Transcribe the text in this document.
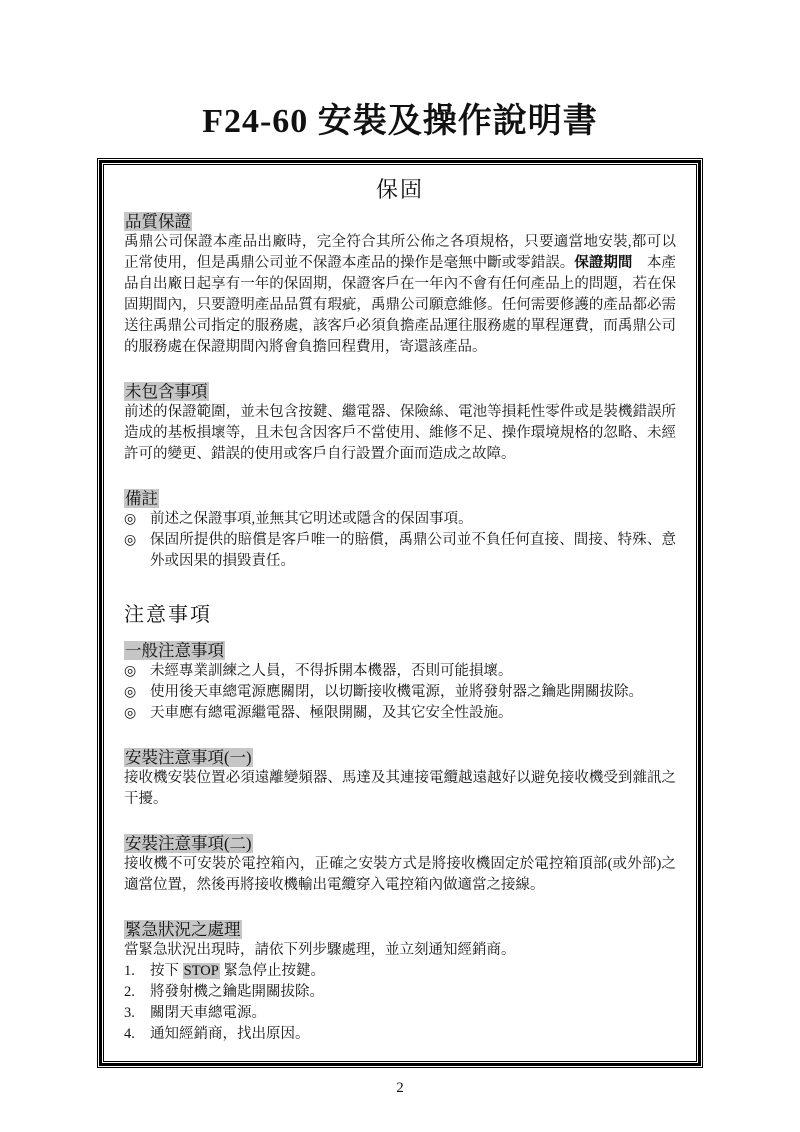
F24-60 安裝及操作說明書
保固
品質保證
禹鼎公司保證本產品出廠時，完全符合其所公佈之各項規格，只要適當地安裝,都可以正常使用，但是禹鼎公司並不保證本產品的操作是毫無中斷或零錯誤。保證期間　本產品自出廠日起享有一年的保固期，保證客戶在一年內不會有任何產品上的問題，若在保固期間內，只要證明產品品質有瑕疵，禹鼎公司願意維修。任何需要修護的產品都必需送往禹鼎公司指定的服務處，該客戶必須負擔產品運往服務處的單程運費，而禹鼎公司的服務處在保證期間內將會負擔回程費用，寄還該產品。
未包含事項
前述的保證範圍，並未包含按鍵、繼電器、保險絲、電池等損耗性零件或是裝機錯誤所造成的基板損壞等，且未包含因客戶不當使用、維修不足、操作環境規格的忽略、未經許可的變更、錯誤的使用或客戶自行設置介面而造成之故障。
備註
◎ 前述之保證事項,並無其它明述或隱含的保固事項。
◎ 保固所提供的賠償是客戶唯一的賠償，禹鼎公司並不負任何直接、間接、特殊、意外或因果的損毀責任。
注意事項
一般注意事項
◎ 未經專業訓練之人員，不得拆開本機器，否則可能損壞。
◎ 使用後天車總電源應關閉，以切斷接收機電源，並將發射器之鑰匙開關拔除。
◎ 天車應有總電源繼電器、極限開關，及其它安全性設施。
安裝注意事項(一)
接收機安裝位置必須遠離變頻器、馬達及其連接電纜越遠越好以避免接收機受到雜訊之干擾。
安裝注意事項(二)
接收機不可安裝於電控箱內，正確之安裝方式是將接收機固定於電控箱頂部(或外部)之適當位置，然後再將接收機輸出電纜穿入電控箱內做適當之接線。
緊急狀況之處理
當緊急狀況出現時，請依下列步驟處理，並立刻通知經銷商。
1.	按下 STOP 緊急停止按鍵。
2.	將發射機之鑰匙開關拔除。
3.	關閉天車總電源。
4.	通知經銷商，找出原因。
2
